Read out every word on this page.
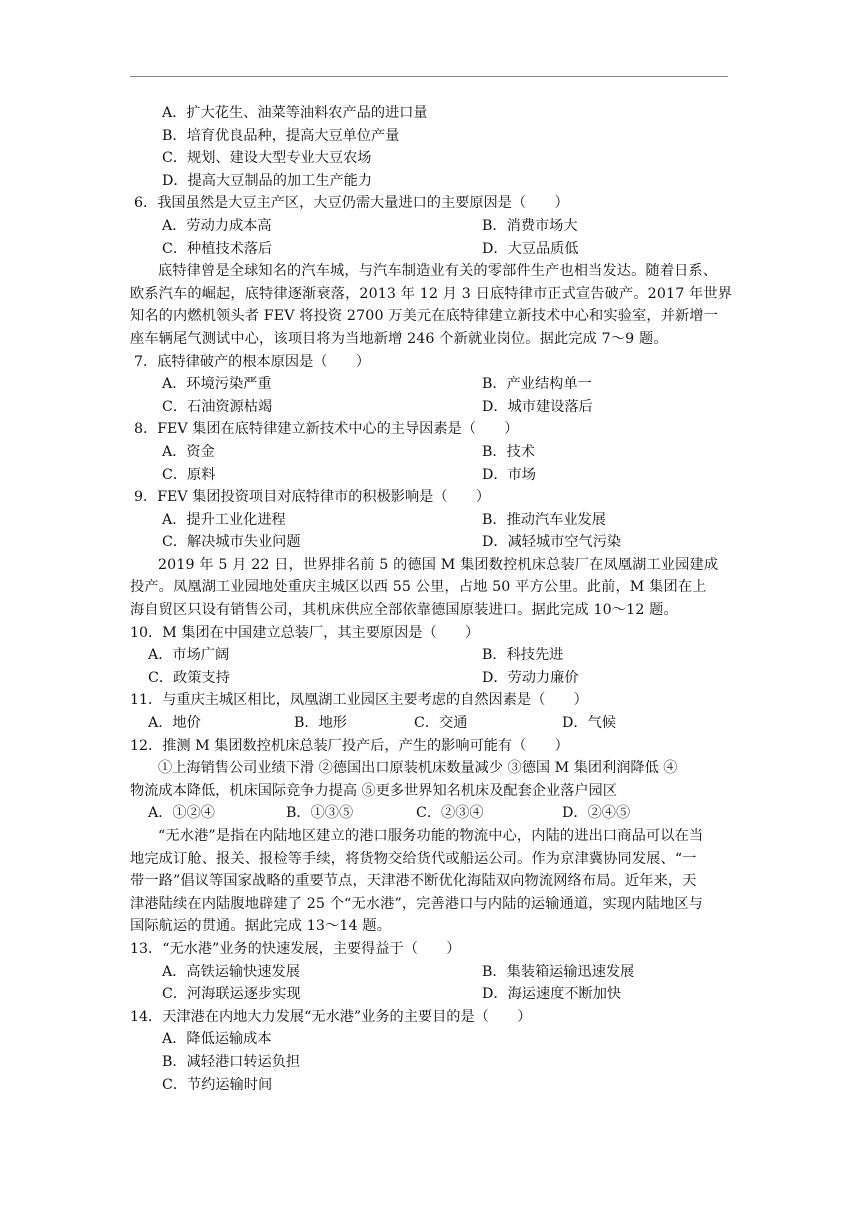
A．扩大花生、油菜等油料农产品的进口量
B．培育优良品种，提高大豆单位产量
C．规划、建设大型专业大豆农场
D．提高大豆制品的加工生产能力
6．我国虽然是大豆主产区，大豆仍需大量进口的主要原因是（　　）
A．劳动力成本高	B．消费市场大
C．种植技术落后	D．大豆品质低
底特律曾是全球知名的汽车城，与汽车制造业有关的零部件生产也相当发达。随着日系、
欧系汽车的崛起，底特律逐渐衰落，2013 年 12 月 3 日底特律市正式宣告破产。2017 年世界
知名的内燃机领头者 FEV 将投资 2700 万美元在底特律建立新技术中心和实验室，并新增一
座车辆尾气测试中心，该项目将为当地新增 246 个新就业岗位。据此完成 7～9 题。
7．底特律破产的根本原因是（　　）
A．环境污染严重	B．产业结构单一
C．石油资源枯竭	D．城市建设落后
8．FEV 集团在底特律建立新技术中心的主导因素是（　　）
A．资金	B．技术
C．原料	D．市场
9．FEV 集团投资项目对底特律市的积极影响是（　　）
A．提升工业化进程	B．推动汽车业发展
C．解决城市失业问题	D．减轻城市空气污染
2019 年 5 月 22 日，世界排名前 5 的德国 M 集团数控机床总装厂在凤凰湖工业园建成
投产。凤凰湖工业园地处重庆主城区以西 55 公里，占地 50 平方公里。此前，M 集团在上
海自贸区只设有销售公司，其机床供应全部依靠德国原装进口。据此完成 10～12 题。
10．M 集团在中国建立总装厂，其主要原因是（　　）
A．市场广阔	B．科技先进
C．政策支持	D．劳动力廉价
11．与重庆主城区相比，凤凰湖工业园区主要考虑的自然因素是（　　）
A．地价	B．地形	C．交通	D．气候
12．推测 M 集团数控机床总装厂投产后，产生的影响可能有（　　）
①上海销售公司业绩下滑 ②德国出口原装机床数量减少 ③德国 M 集团利润降低 ④
物流成本降低，机床国际竞争力提高 ⑤更多世界知名机床及配套企业落户园区
A．①②④	B．①③⑤	C．②③④	D．②④⑤
“无水港”是指在内陆地区建立的港口服务功能的物流中心，内陆的进出口商品可以在当
地完成订舱、报关、报检等手续，将货物交给货代或船运公司。作为京津冀协同发展、“一
带一路”倡议等国家战略的重要节点，天津港不断优化海陆双向物流网络布局。近年来，天
津港陆续在内陆腹地辟建了 25 个“无水港”，完善港口与内陆的运输通道，实现内陆地区与
国际航运的贯通。据此完成 13～14 题。
13．“无水港”业务的快速发展，主要得益于（　　）
A．高铁运输快速发展	B．集装箱运输迅速发展
C．河海联运逐步实现	D．海运速度不断加快
14．天津港在内地大力发展“无水港”业务的主要目的是（　　）
A．降低运输成本
B．减轻港口转运负担
C．节约运输时间
